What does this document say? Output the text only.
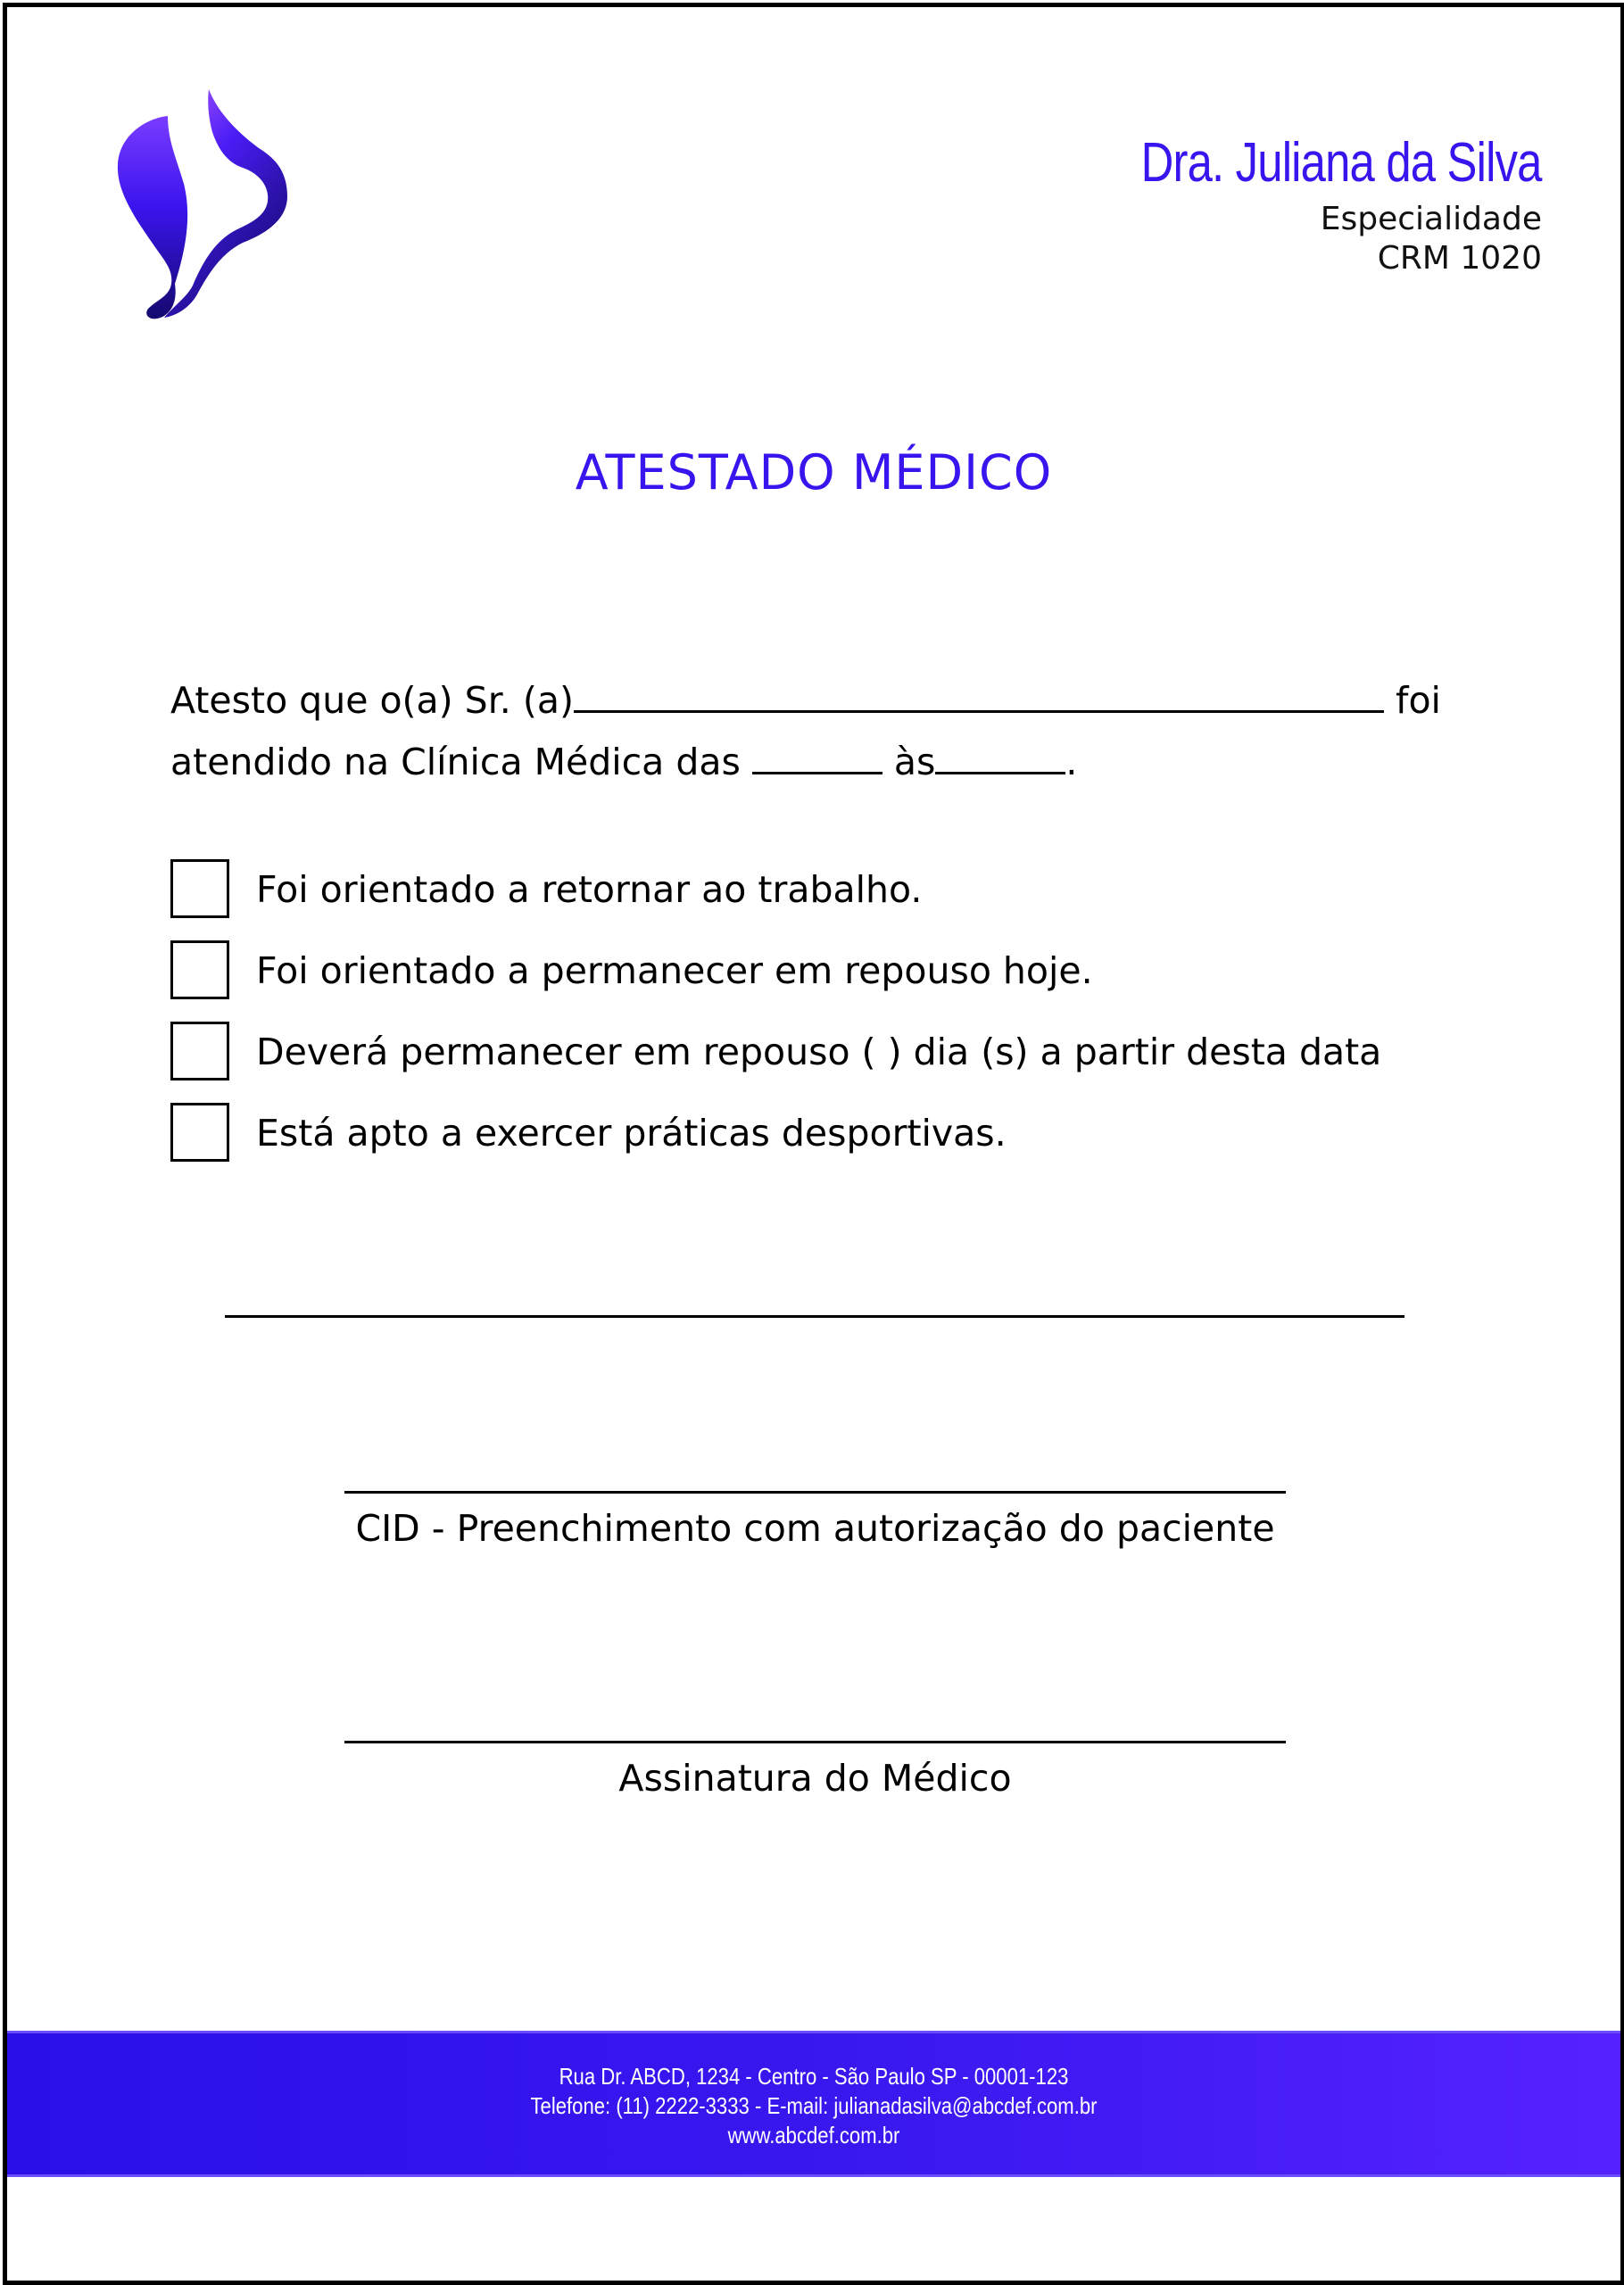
Dra. Juliana da Silva
Especialidade
CRM 1020
ATESTADO MÉDICO
Atesto que o(a) Sr. (a)	foi
atendido na Clínica Médica das	às	.
Foi orientado a retornar ao trabalho.
Foi orientado a permanecer em repouso hoje.
Deverá permanecer em repouso ( ) dia (s) a partir desta data
Está apto a exercer práticas desportivas.
CID - Preenchimento com autorização do paciente
Assinatura do Médico
Rua Dr. ABCD, 1234 - Centro - São Paulo SP - 00001-123
Telefone: (11) 2222-3333 - E-mail: julianadasilva@abcdef.com.br
www.abcdef.com.br
